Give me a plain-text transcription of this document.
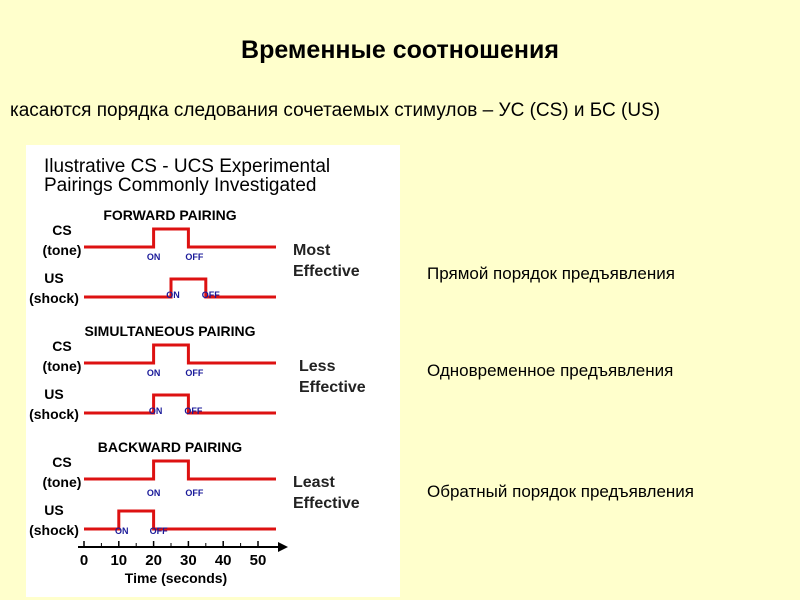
Временные соотношения
касаются порядка следования сочетаемых стимулов – УС (CS) и БС (US)
Ilustrative CS - UCS Experimental
Pairings Commonly Investigated
FORWARD PAIRING
CS
(tone)
US
(shock)
ON	OFF
ON OFF
Most
Effective
SIMULTANEOUS PAIRING
CS
(tone)
US
(shock)
ON	OFF
ON OFF
Less
Effective
BACKWARD PAIRING
CS
(tone)
US
(shock)
ON	OFF
ON OFF
Least
Effective
0 10 20 30 40 50
Time (seconds)
Прямой порядок предъявления
Одновременное предъявления
Обратный порядок предъявления
